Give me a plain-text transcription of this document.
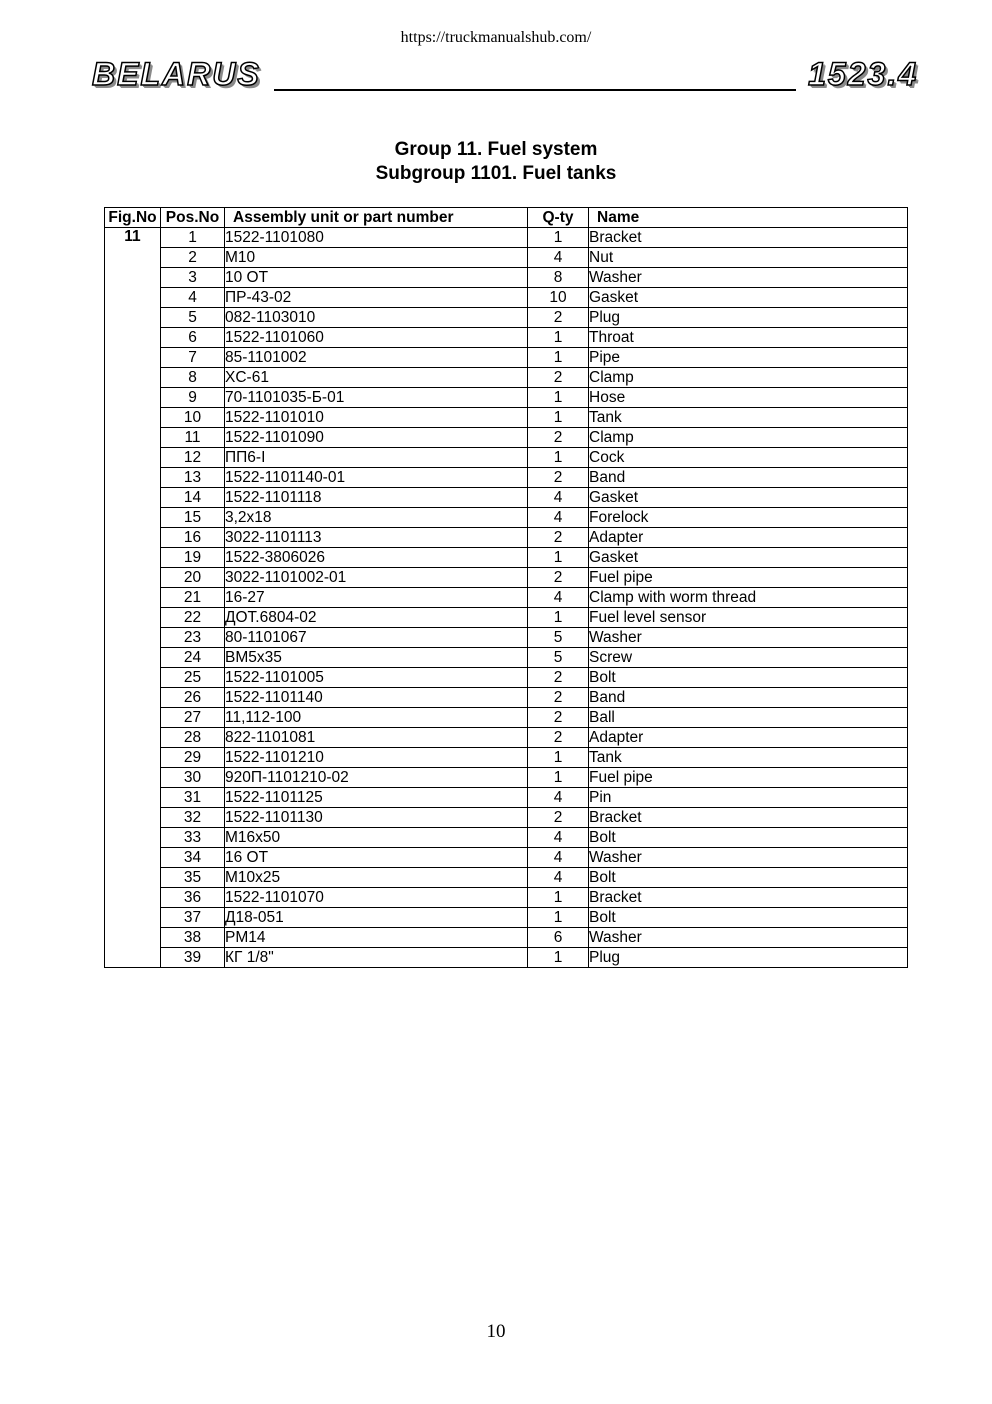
https://truckmanualshub.com/
BELARUS	1523.4
Group 11. Fuel system
Subgroup 1101. Fuel tanks
Fig.No	Pos.No	Assembly unit or part number	Q-ty	Name
11	1	1522-1101080	1	Bracket
	2	M10	4	Nut
	3	10 OT	8	Washer
	4	ПР-43-02	10	Gasket
	5	082-1103010	2	Plug
	6	1522-1101060	1	Throat
	7	85-1101002	1	Pipe
	8	XC-61	2	Clamp
	9	70-1101035-Б-01	1	Hose
	10	1522-1101010	1	Tank
	11	1522-1101090	2	Clamp
	12	ПП6-I	1	Cock
	13	1522-1101140-01	2	Band
	14	1522-1101118	4	Gasket
	15	3,2x18	4	Forelock
	16	3022-1101113	2	Adapter
	19	1522-3806026	1	Gasket
	20	3022-1101002-01	2	Fuel pipe
	21	16-27	4	Clamp with worm thread
	22	ДОТ.6804-02	1	Fuel level sensor
	23	80-1101067	5	Washer
	24	BM5x35	5	Screw
	25	1522-1101005	2	Bolt
	26	1522-1101140	2	Band
	27	11,112-100	2	Ball
	28	822-1101081	2	Adapter
	29	1522-1101210	1	Tank
	30	920П-1101210-02	1	Fuel pipe
	31	1522-1101125	4	Pin
	32	1522-1101130	2	Bracket
	33	M16x50	4	Bolt
	34	16 OT	4	Washer
	35	M10x25	4	Bolt
	36	1522-1101070	1	Bracket
	37	Д18-051	1	Bolt
	38	PM14	6	Washer
	39	КГ 1/8"	1	Plug
10
